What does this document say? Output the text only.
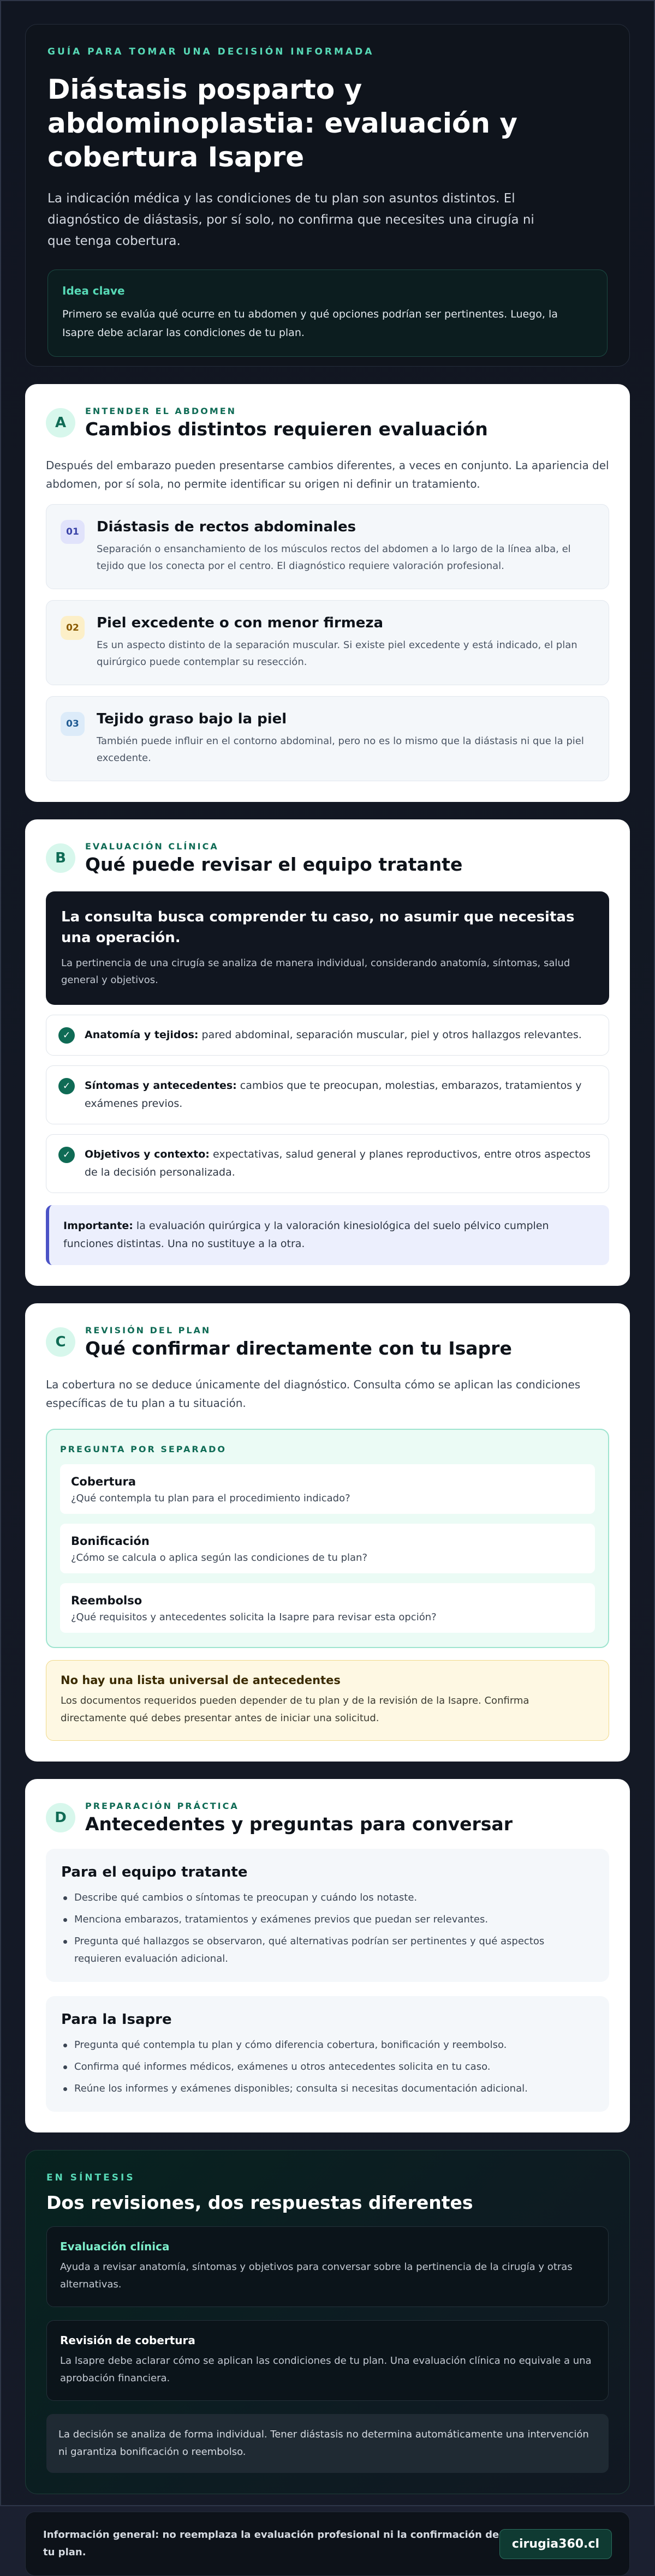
GUÍA PARA TOMAR UNA DECISIÓN INFORMADA
Diástasis posparto y abdominoplastia: evaluación y cobertura Isapre

La indicación médica y las condiciones de tu plan son asuntos distintos. El diagnóstico de diástasis, por sí solo, no confirma que necesites una cirugía ni que tenga cobertura.

Idea clave
Primero se evalúa qué ocurre en tu abdomen y qué opciones podrían ser pertinentes. Luego, la Isapre debe aclarar las condiciones de tu plan.
A
ENTENDER EL ABDOMEN
Cambios distintos requieren evaluación

Después del embarazo pueden presentarse cambios diferentes, a veces en conjunto. La apariencia del abdomen, por sí sola, no permite identificar su origen ni definir un tratamiento.

01	Diástasis de rectos abdominales
Separación o ensanchamiento de los músculos rectos del abdomen a lo largo de la línea alba, el tejido que los conecta por el centro. El diagnóstico requiere valoración profesional.
02	Piel excedente o con menor firmeza
Es un aspecto distinto de la separación muscular. Si existe piel excedente y está indicado, el plan quirúrgico puede contemplar su resección.
03	Tejido graso bajo la piel
También puede influir en el contorno abdominal, pero no es lo mismo que la diástasis ni que la piel excedente.
B
EVALUACIÓN CLÍNICA
Qué puede revisar el equipo tratante
La consulta busca comprender tu caso, no asumir que necesitas una operación.
La pertinencia de una cirugía se analiza de manera individual, considerando anatomía, síntomas, salud general y objetivos.
✓	Anatomía y tejidos: pared abdominal, separación muscular, piel y otros hallazgos relevantes.
✓	Síntomas y antecedentes: cambios que te preocupan, molestias, embarazos, tratamientos y exámenes previos.
✓	Objetivos y contexto: expectativas, salud general y planes reproductivos, entre otros aspectos de la decisión personalizada.
Importante: la evaluación quirúrgica y la valoración kinesiológica del suelo pélvico cumplen funciones distintas. Una no sustituye a la otra.
C
REVISIÓN DEL PLAN
Qué confirmar directamente con tu Isapre

La cobertura no se deduce únicamente del diagnóstico. Consulta cómo se aplican las condiciones específicas de tu plan a tu situación.

PREGUNTA POR SEPARADO
Cobertura
¿Qué contempla tu plan para el procedimiento indicado?
Bonificación
¿Cómo se calcula o aplica según las condiciones de tu plan?
Reembolso
¿Qué requisitos y antecedentes solicita la Isapre para revisar esta opción?
No hay una lista universal de antecedentes
Los documentos requeridos pueden depender de tu plan y de la revisión de la Isapre. Confirma directamente qué debes presentar antes de iniciar una solicitud.
D
PREPARACIÓN PRÁCTICA
Antecedentes y preguntas para conversar
Para el equipo tratante
Describe qué cambios o síntomas te preocupan y cuándo los notaste.
Menciona embarazos, tratamientos y exámenes previos que puedan ser relevantes.
Pregunta qué hallazgos se observaron, qué alternativas podrían ser pertinentes y qué aspectos requieren evaluación adicional.
Para la Isapre
Pregunta qué contempla tu plan y cómo diferencia cobertura, bonificación y reembolso.
Confirma qué informes médicos, exámenes u otros antecedentes solicita en tu caso.
Reúne los informes y exámenes disponibles; consulta si necesitas documentación adicional.
EN SÍNTESIS
Dos revisiones, dos respuestas diferentes
Evaluación clínica
Ayuda a revisar anatomía, síntomas y objetivos para conversar sobre la pertinencia de la cirugía y otras alternativas.
Revisión de cobertura
La Isapre debe aclarar cómo se aplican las condiciones de tu plan. Una evaluación clínica no equivale a una aprobación financiera.
La decisión se analiza de forma individual. Tener diástasis no determina automáticamente una intervención ni garantiza bonificación o reembolso.
Información general: no reemplaza la evaluación profesional ni la confirmación de tu plan.
cirugia360.cl
